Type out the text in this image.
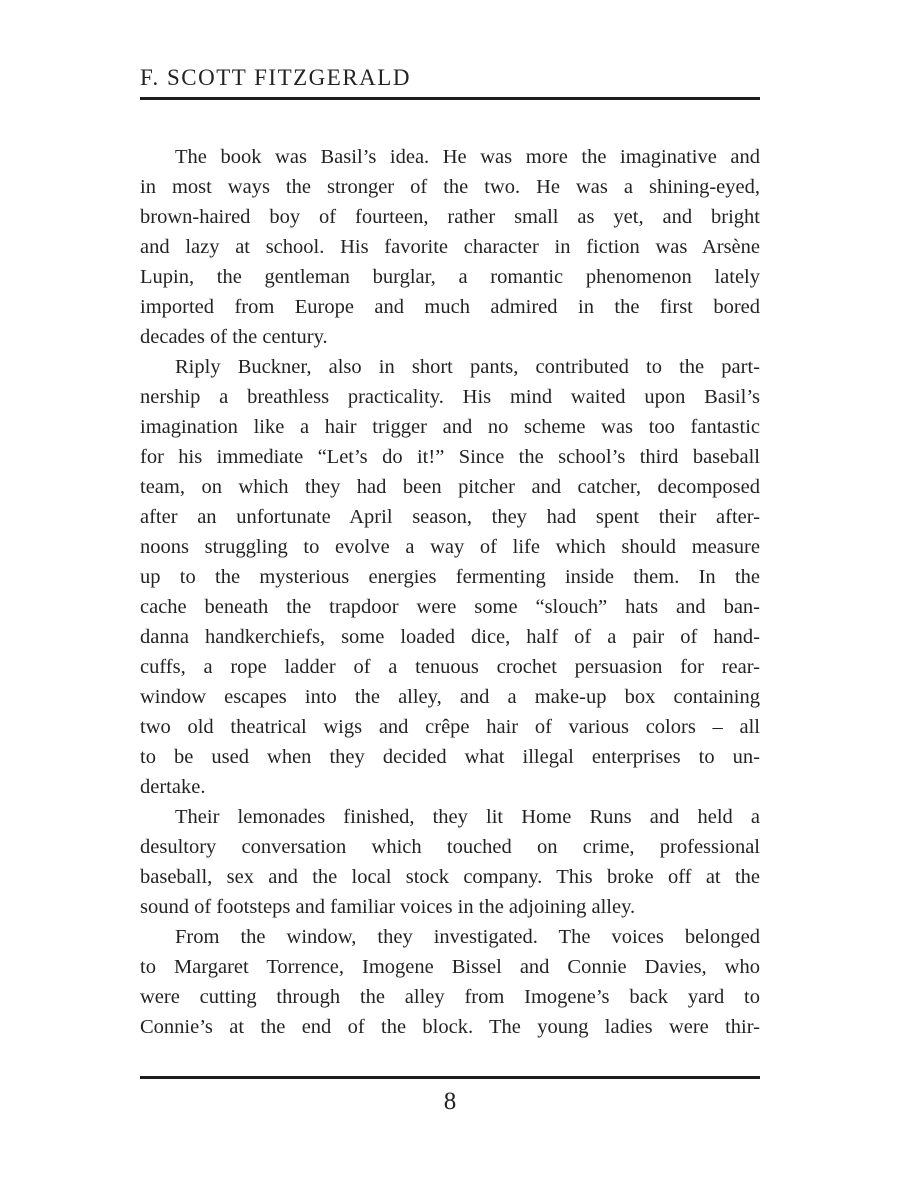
F. SCOTT FITZGERALD
The book was Basil’s idea. He was more the imaginative and
in most ways the stronger of the two. He was a shining-eyed,
brown-haired boy of fourteen, rather small as yet, and bright
and lazy at school. His favorite character in fiction was Arsène
Lupin, the gentleman burglar, a romantic phenomenon lately
imported from Europe and much admired in the first bored
decades of the century.
Riply Buckner, also in short pants, contributed to the part-
nership a breathless practicality. His mind waited upon Basil’s
imagination like a hair trigger and no scheme was too fantastic
for his immediate “Let’s do it!” Since the school’s third baseball
team, on which they had been pitcher and catcher, decomposed
after an unfortunate April season, they had spent their after-
noons struggling to evolve a way of life which should measure
up to the mysterious energies fermenting inside them. In the
cache beneath the trapdoor were some “slouch” hats and ban-
danna handkerchiefs, some loaded dice, half of a pair of hand-
cuffs, a rope ladder of a tenuous crochet persuasion for rear-
window escapes into the alley, and a make-up box containing
two old theatrical wigs and crêpe hair of various colors – all
to be used when they decided what illegal enterprises to un-
dertake.
Their lemonades finished, they lit Home Runs and held a
desultory conversation which touched on crime, professional
baseball, sex and the local stock company. This broke off at the
sound of footsteps and familiar voices in the adjoining alley.
From the window, they investigated. The voices belonged
to Margaret Torrence, Imogene Bissel and Connie Davies, who
were cutting through the alley from Imogene’s back yard to
Connie’s at the end of the block. The young ladies were thir-
8
